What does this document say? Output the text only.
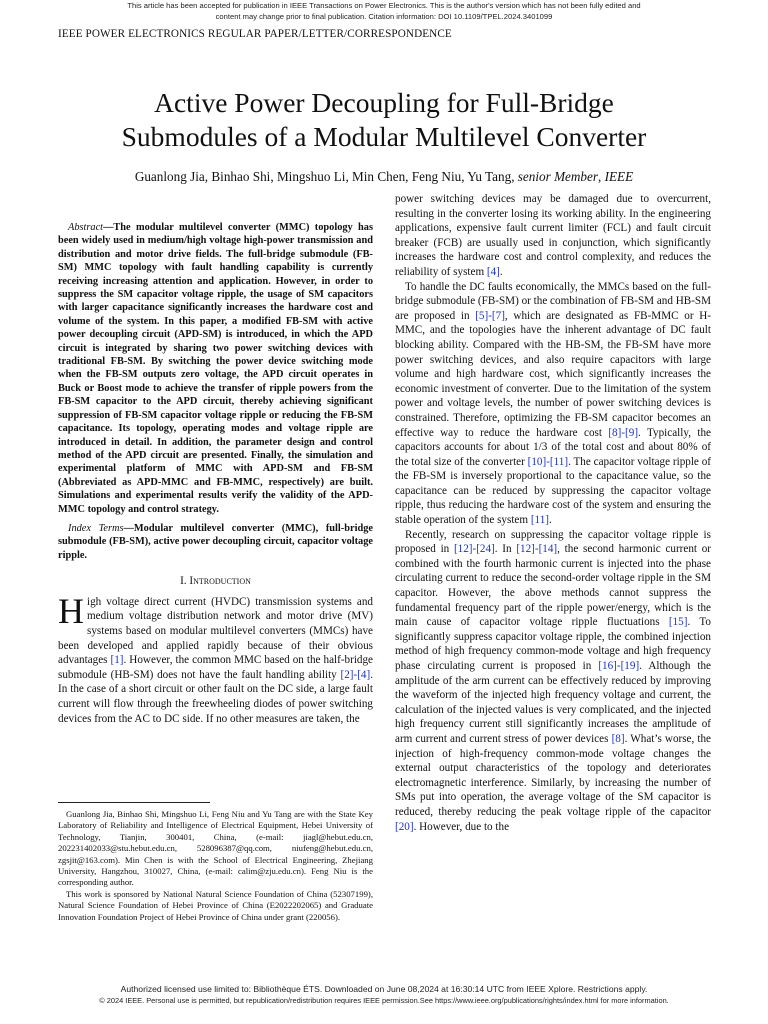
This article has been accepted for publication in IEEE Transactions on Power Electronics. This is the author's version which has not been fully edited and
content may change prior to final publication. Citation information: DOI 10.1109/TPEL.2024.3401099
IEEE POWER ELECTRONICS REGULAR PAPER/LETTER/CORRESPONDENCE
Active Power Decoupling for Full-Bridge
Submodules of a Modular Multilevel Converter
Guanlong Jia, Binhao Shi, Mingshuo Li, Min Chen, Feng Niu, Yu Tang, senior Member, IEEE

Abstract—The modular multilevel converter (MMC) topology has been widely used in medium/high voltage high-power transmission and distribution and motor drive fields. The full-bridge submodule (FB-SM) MMC topology with fault handling capability is currently receiving increasing attention and application. However, in order to suppress the SM capacitor voltage ripple, the usage of SM capacitors with larger capacitance significantly increases the hardware cost and volume of the system. In this paper, a modified FB-SM with active power decoupling circuit (APD-SM) is introduced, in which the APD circuit is integrated by sharing two power switching devices with traditional FB-SM. By switching the power device switching mode when the FB-SM outputs zero voltage, the APD circuit operates in Buck or Boost mode to achieve the transfer of ripple powers from the FB-SM capacitor to the APD circuit, thereby achieving significant suppression of FB-SM capacitor voltage ripple or reducing the FB-SM capacitance. Its topology, operating modes and voltage ripple are introduced in detail. In addition, the parameter design and control method of the APD circuit are presented. Finally, the simulation and experimental platform of MMC with APD-SM and FB-SM (Abbreviated as APD-MMC and FB-MMC, respectively) are built. Simulations and experimental results verify the validity of the APD-MMC topology and control strategy.

Index Terms—Modular multilevel converter (MMC), full-bridge submodule (FB-SM), active power decoupling circuit, capacitor voltage ripple.

I. Introduction

High voltage direct current (HVDC) transmission systems and medium voltage distribution network and motor drive (MV) systems based on modular multilevel converters (MMCs) have been developed and applied rapidly because of their obvious advantages [1]. However, the common MMC based on the half-bridge submodule (HB-SM) does not have the fault handling ability [2]-[4]. In the case of a short circuit or other fault on the DC side, a large fault current will flow through the freewheeling diodes of power switching devices from the AC to DC side. If no other measures are taken, the

Guanlong Jia, Binhao Shi, Mingshuo Li, Feng Niu and Yu Tang are with the State Key Laboratory of Reliability and Intelligence of Electrical Equipment, Hebei University of Technology, Tianjin, 300401, China, (e-mail: jiagl@hebut.edu.cn, 202231402033@stu.hebut.edu.cn, 528096387@qq.com, niufeng@hebut.edu.cn, zgsjit@163.com). Min Chen is with the School of Electrical Engineering, Zhejiang University, Hangzhou, 310027, China, (e-mail: calim@zju.edu.cn). Feng Niu is the corresponding author.

This work is sponsored by National Natural Science Foundation of China (52307199), Natural Science Foundation of Hebei Province of China (E2022202065) and Graduate Innovation Foundation Project of Hebei Province of China under grant (220056).

power switching devices may be damaged due to overcurrent, resulting in the converter losing its working ability. In the engineering applications, expensive fault current limiter (FCL) and fault circuit breaker (FCB) are usually used in conjunction, which significantly increases the hardware cost and control complexity, and reduces the reliability of system [4].

To handle the DC faults economically, the MMCs based on the full-bridge submodule (FB-SM) or the combination of FB-SM and HB-SM are proposed in [5]-[7], which are designated as FB-MMC or H-MMC, and the topologies have the inherent advantage of DC fault blocking ability. Compared with the HB-SM, the FB-SM have more power switching devices, and also require capacitors with large volume and high hardware cost, which significantly increases the economic investment of converter. Due to the limitation of the system power and voltage levels, the number of power switching devices is constrained. Therefore, optimizing the FB-SM capacitor becomes an effective way to reduce the hardware cost [8]-[9]. Typically, the capacitors accounts for about 1/3 of the total cost and about 80% of the total size of the converter [10]-[11]. The capacitor voltage ripple of the FB-SM is inversely proportional to the capacitance value, so the capacitance can be reduced by suppressing the capacitor voltage ripple, thus reducing the hardware cost of the system and ensuring the stable operation of the system [11].

Recently, research on suppressing the capacitor voltage ripple is proposed in [12]-[24]. In [12]-[14], the second harmonic current or combined with the fourth harmonic current is injected into the phase circulating current to reduce the second-order voltage ripple in the SM capacitor. However, the above methods cannot suppress the fundamental frequency part of the ripple power/energy, which is the main cause of capacitor voltage ripple fluctuations [15]. To significantly suppress capacitor voltage ripple, the combined injection method of high frequency common-mode voltage and high frequency phase circulating current is proposed in [16]-[19]. Although the amplitude of the arm current can be effectively reduced by improving the waveform of the injected high frequency voltage and current, the calculation of the injected values is very complicated, and the injected high frequency current still significantly increases the amplitude of arm current and current stress of power devices [8]. What’s worse, the injection of high-frequency common-mode voltage changes the external output characteristics of the topology and deteriorates electromagnetic interference. Similarly, by increasing the number of SMs put into operation, the average voltage of the SM capacitor is reduced, thereby reducing the peak voltage ripple of the capacitor [20]. However, due to the

Authorized licensed use limited to: Bibliothèque ÉTS. Downloaded on June 08,2024 at 16:30:14 UTC from IEEE Xplore. Restrictions apply.
© 2024 IEEE. Personal use is permitted, but republication/redistribution requires IEEE permission.See https://www.ieee.org/publications/rights/index.html for more information.
